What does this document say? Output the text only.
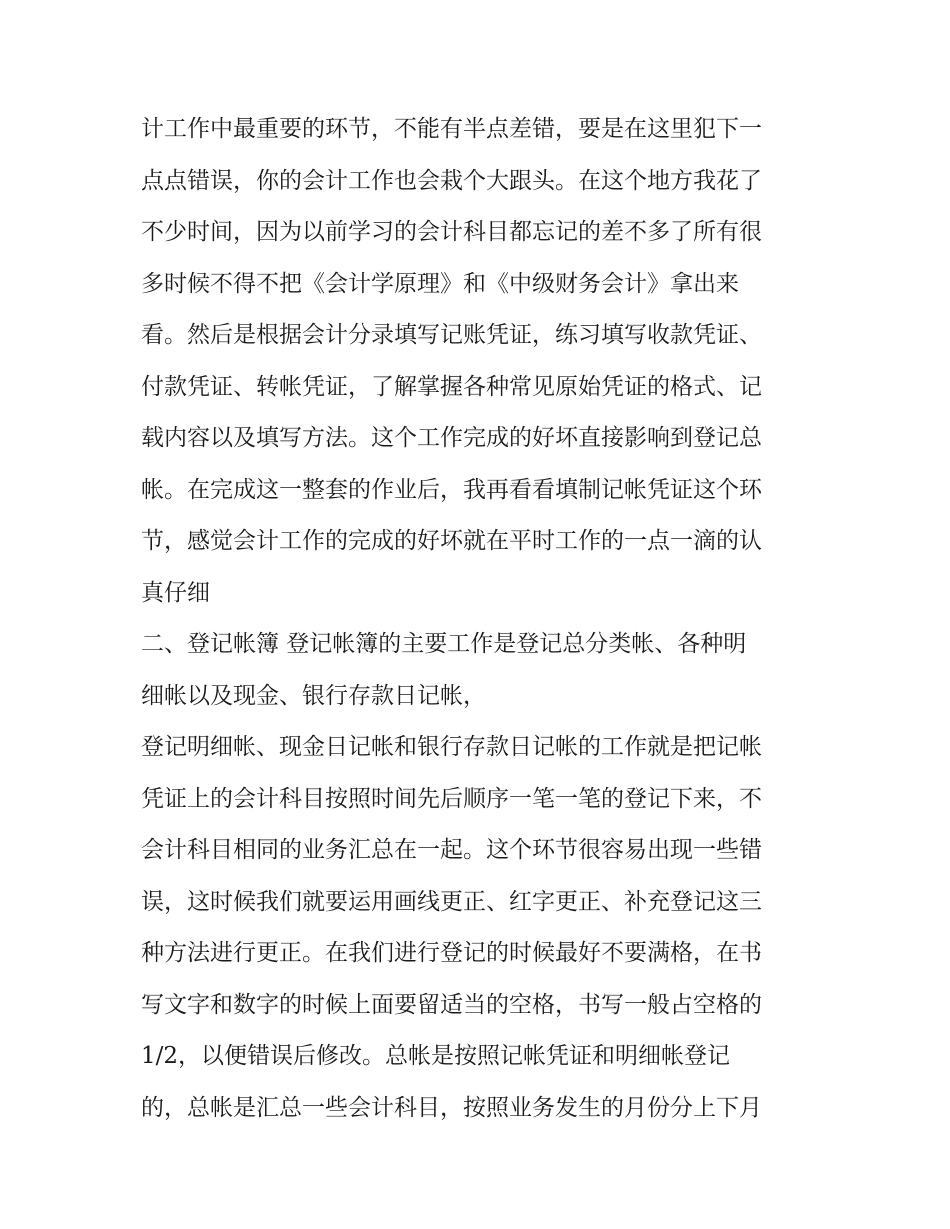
计工作中最重要的环节，不能有半点差错，要是在这里犯下一
点点错误，你的会计工作也会栽个大跟头。在这个地方我花了
不少时间，因为以前学习的会计科目都忘记的差不多了所有很
多时候不得不把《会计学原理》和《中级财务会计》拿出来
看。然后是根据会计分录填写记账凭证，练习填写收款凭证、
付款凭证、转帐凭证，了解掌握各种常见原始凭证的格式、记
载内容以及填写方法。这个工作完成的好坏直接影响到登记总
帐。在完成这一整套的作业后，我再看看填制记帐凭证这个环
节，感觉会计工作的完成的好坏就在平时工作的一点一滴的认
真仔细
二、登记帐簿 登记帐簿的主要工作是登记总分类帐、各种明
细帐以及现金、银行存款日记帐，
登记明细帐、现金日记帐和银行存款日记帐的工作就是把记帐
凭证上的会计科目按照时间先后顺序一笔一笔的登记下来，不
会计科目相同的业务汇总在一起。这个环节很容易出现一些错
误，这时候我们就要运用画线更正、红字更正、补充登记这三
种方法进行更正。在我们进行登记的时候最好不要满格，在书
写文字和数字的时候上面要留适当的空格，书写一般占空格的
1/2，以便错误后修改。总帐是按照记帐凭证和明细帐登记
的，总帐是汇总一些会计科目，按照业务发生的月份分上下月
